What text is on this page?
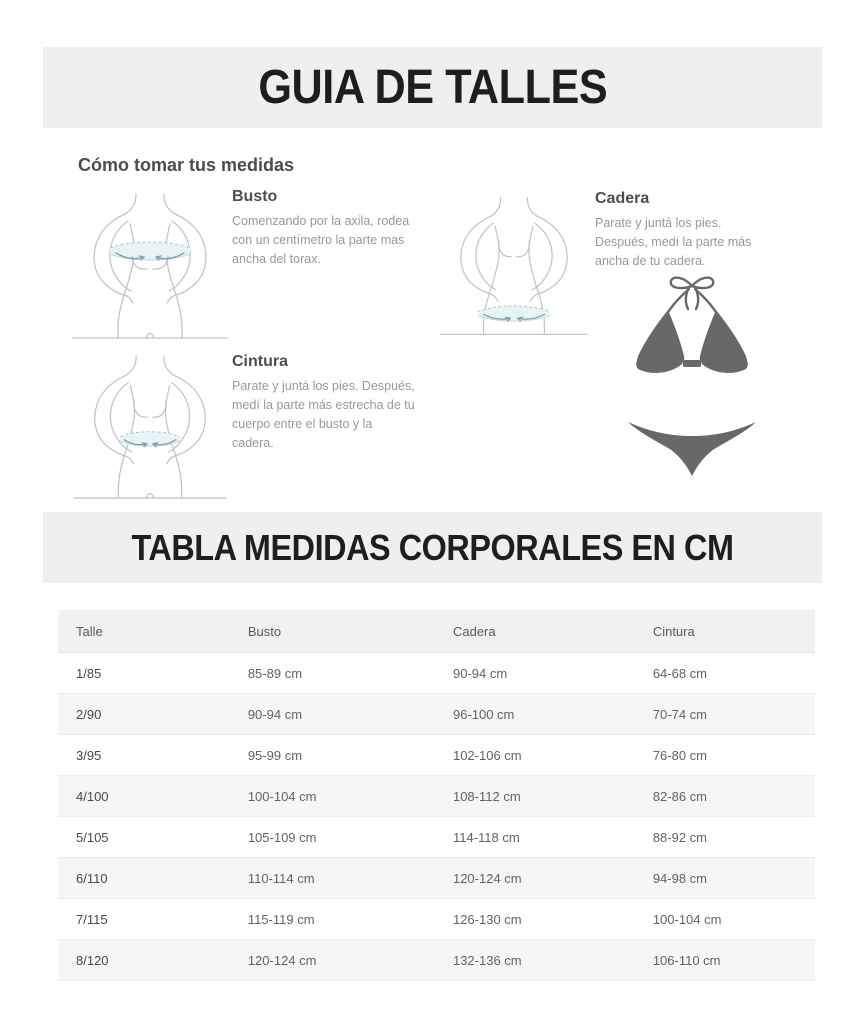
GUIA DE TALLES
Cómo tomar tus medidas
Busto

Comenzando por la axila, rodea con un centímetro la parte mas ancha del torax.

Cadera

Parate y juntá los pies. Después, medí la parte más ancha de tu cadera.

Cintura

Parate y juntá los pies. Después, medí la parte más estrecha de tu cuerpo entre el busto y la cadera.

TABLA MEDIDAS CORPORALES EN CM
Talle	Busto	Cadera	Cintura
1/85	85-89 cm	90-94 cm	64-68 cm
2/90	90-94 cm	96-100 cm	70-74 cm
3/95	95-99 cm	102-106 cm	76-80 cm
4/100	100-104 cm	108-112 cm	82-86 cm
5/105	105-109 cm	114-118 cm	88-92 cm
6/110	110-114 cm	120-124 cm	94-98 cm
7/115	115-119 cm	126-130 cm	100-104 cm
8/120	120-124 cm	132-136 cm	106-110 cm
